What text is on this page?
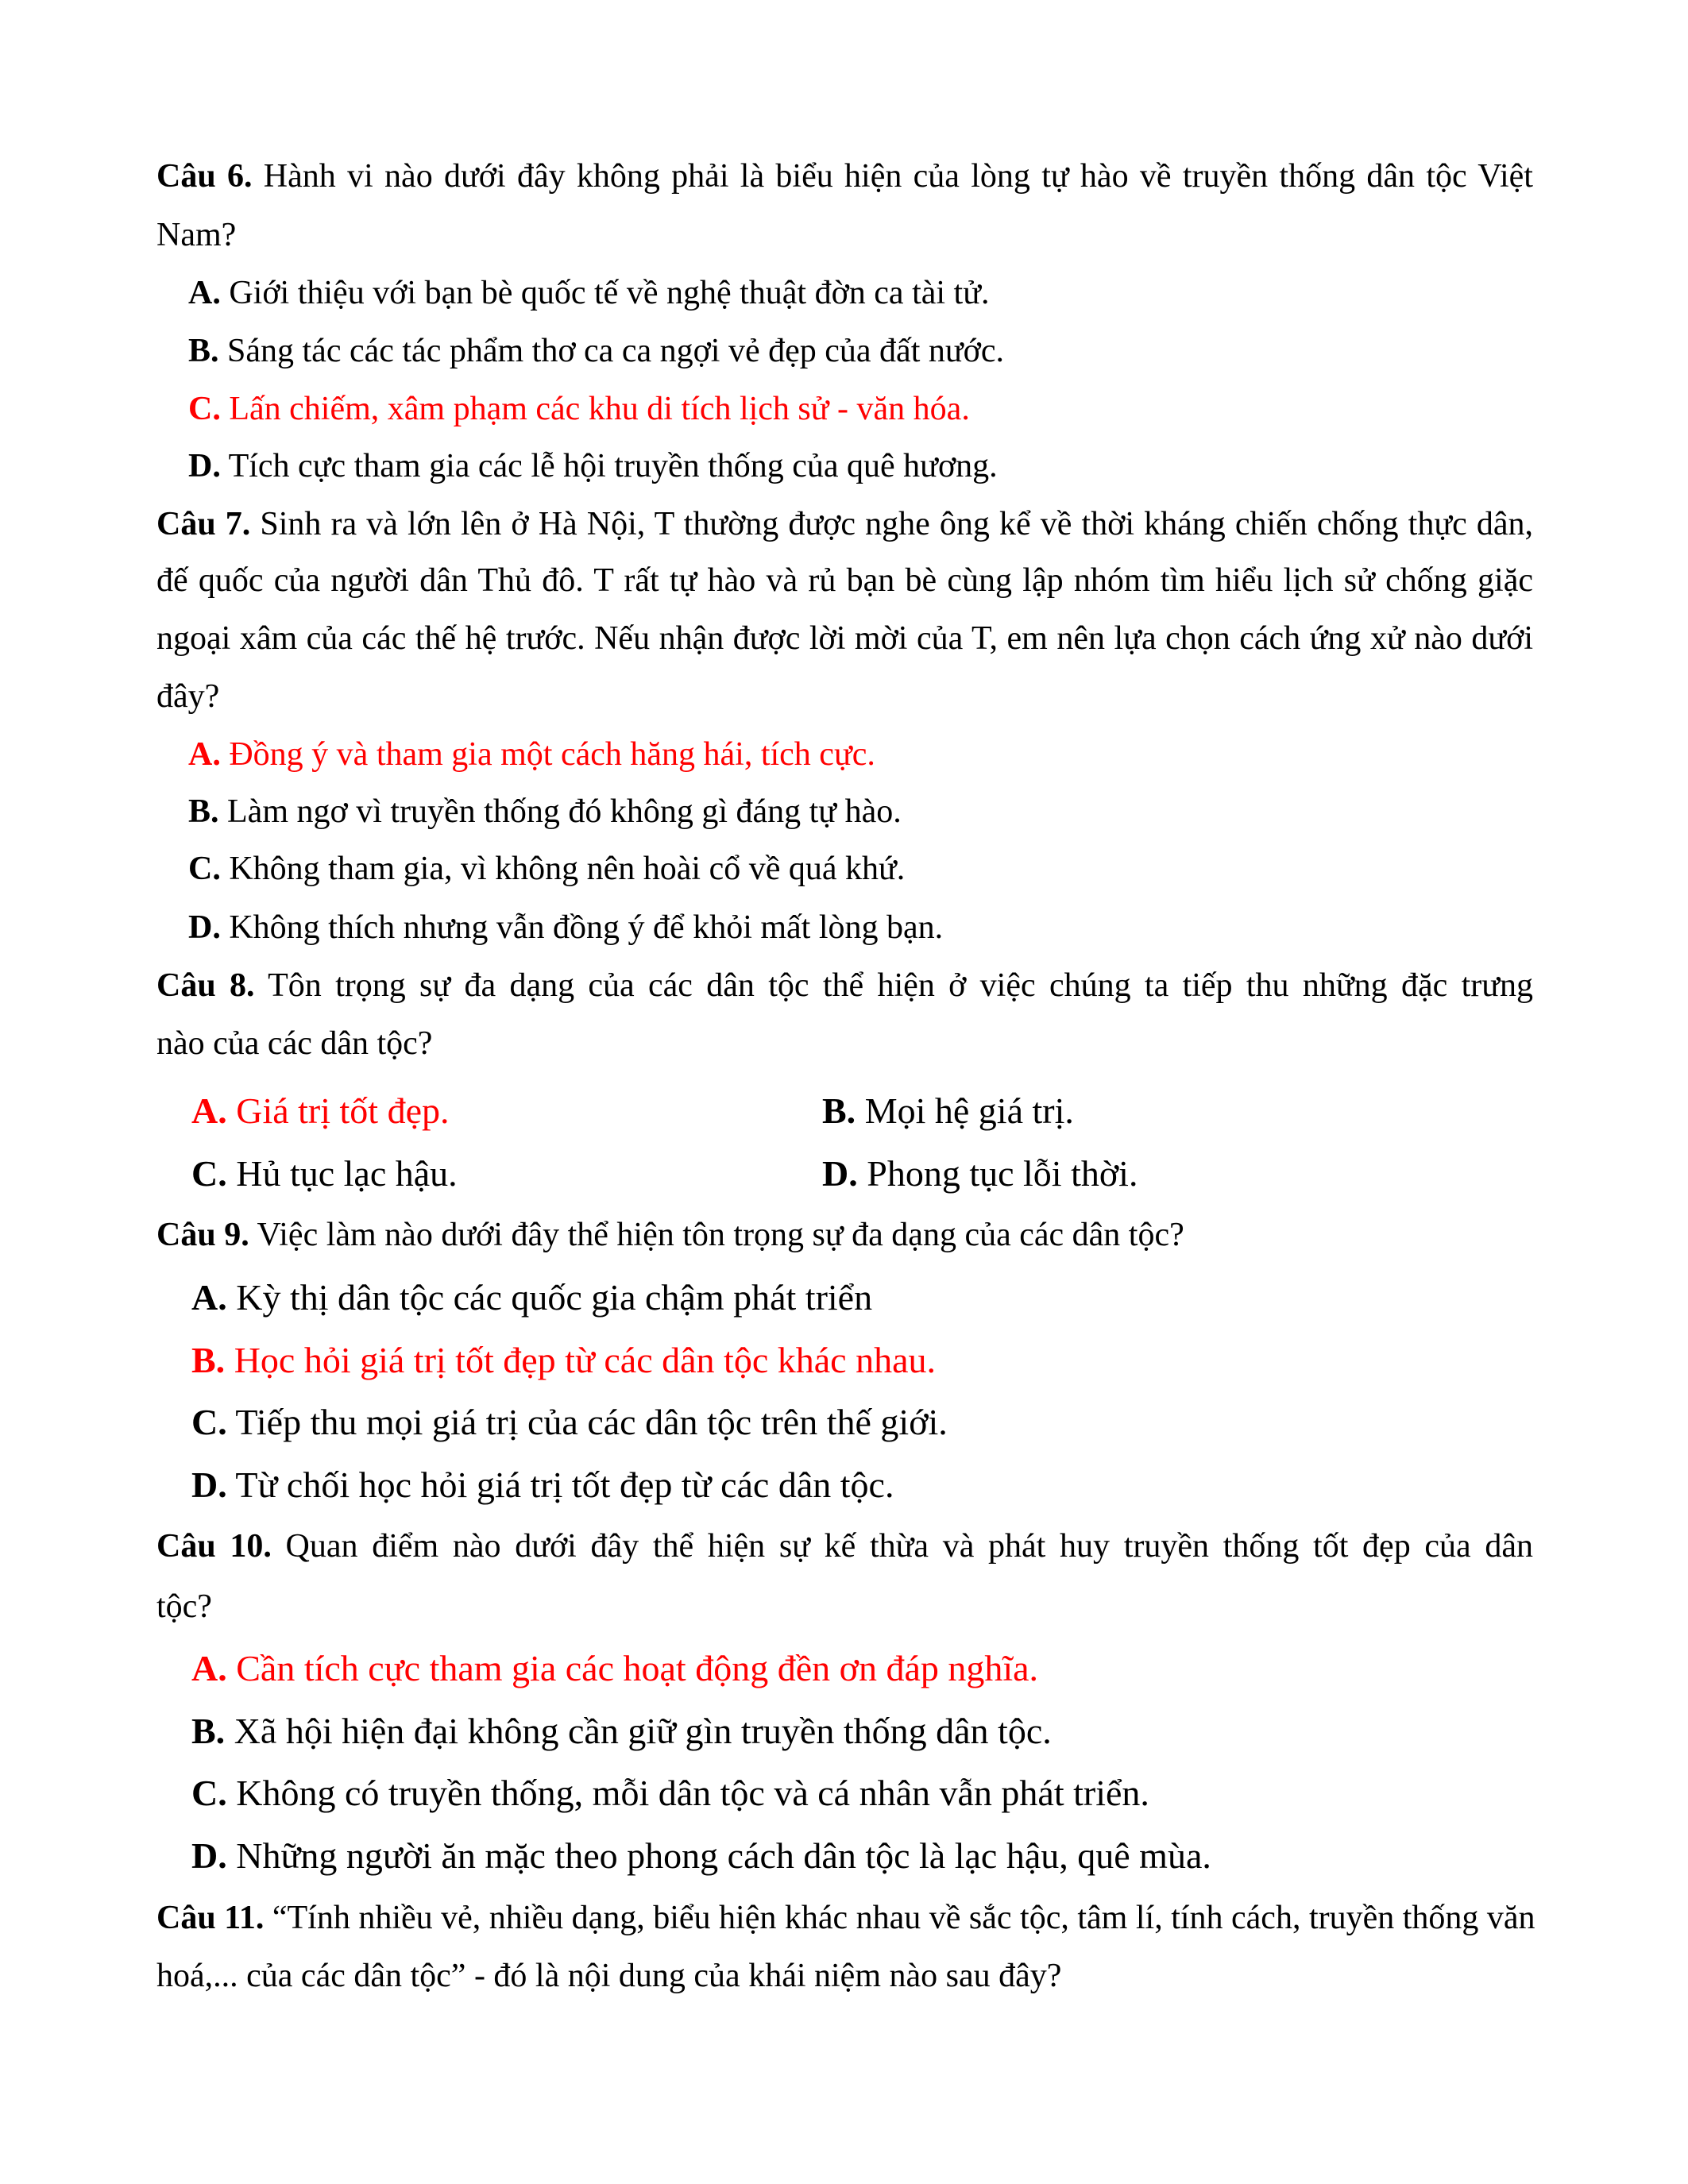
Câu 6. Hành vi nào dưới đây không phải là biểu hiện của lòng tự hào về truyền thống dân tộc Việt

Nam?

A. Giới thiệu với bạn bè quốc tế về nghệ thuật đờn ca tài tử.

B. Sáng tác các tác phẩm thơ ca ca ngợi vẻ đẹp của đất nước.

C. Lấn chiếm, xâm phạm các khu di tích lịch sử - văn hóa.

D. Tích cực tham gia các lễ hội truyền thống của quê hương.

Câu 7. Sinh ra và lớn lên ở Hà Nội, T thường được nghe ông kể về thời kháng chiến chống thực dân,

đế quốc của người dân Thủ đô. T rất tự hào và rủ bạn bè cùng lập nhóm tìm hiểu lịch sử chống giặc

ngoại xâm của các thế hệ trước. Nếu nhận được lời mời của T, em nên lựa chọn cách ứng xử nào dưới

đây?

A. Đồng ý và tham gia một cách hăng hái, tích cực.

B. Làm ngơ vì truyền thống đó không gì đáng tự hào.

C. Không tham gia, vì không nên hoài cổ về quá khứ.

D. Không thích nhưng vẫn đồng ý để khỏi mất lòng bạn.

Câu 8. Tôn trọng sự đa dạng của các dân tộc thể hiện ở việc chúng ta tiếp thu những đặc trưng

nào của các dân tộc?

A. Giá trị tốt đẹp.	B. Mọi hệ giá trị.

C. Hủ tục lạc hậu.	D. Phong tục lỗi thời.

Câu 9. Việc làm nào dưới đây thể hiện tôn trọng sự đa dạng của các dân tộc?

A. Kỳ thị dân tộc các quốc gia chậm phát triển

B. Học hỏi giá trị tốt đẹp từ các dân tộc khác nhau.

C. Tiếp thu mọi giá trị của các dân tộc trên thế giới.

D. Từ chối học hỏi giá trị tốt đẹp từ các dân tộc.

Câu 10. Quan điểm nào dưới đây thể hiện sự kế thừa và phát huy truyền thống tốt đẹp của dân

tộc?

A. Cần tích cực tham gia các hoạt động đền ơn đáp nghĩa.

B. Xã hội hiện đại không cần giữ gìn truyền thống dân tộc.

C. Không có truyền thống, mỗi dân tộc và cá nhân vẫn phát triển.

D. Những người ăn mặc theo phong cách dân tộc là lạc hậu, quê mùa.

Câu 11. “Tính nhiều vẻ, nhiều dạng, biểu hiện khác nhau về sắc tộc, tâm lí, tính cách, truyền thống văn

hoá,... của các dân tộc” - đó là nội dung của khái niệm nào sau đây?
